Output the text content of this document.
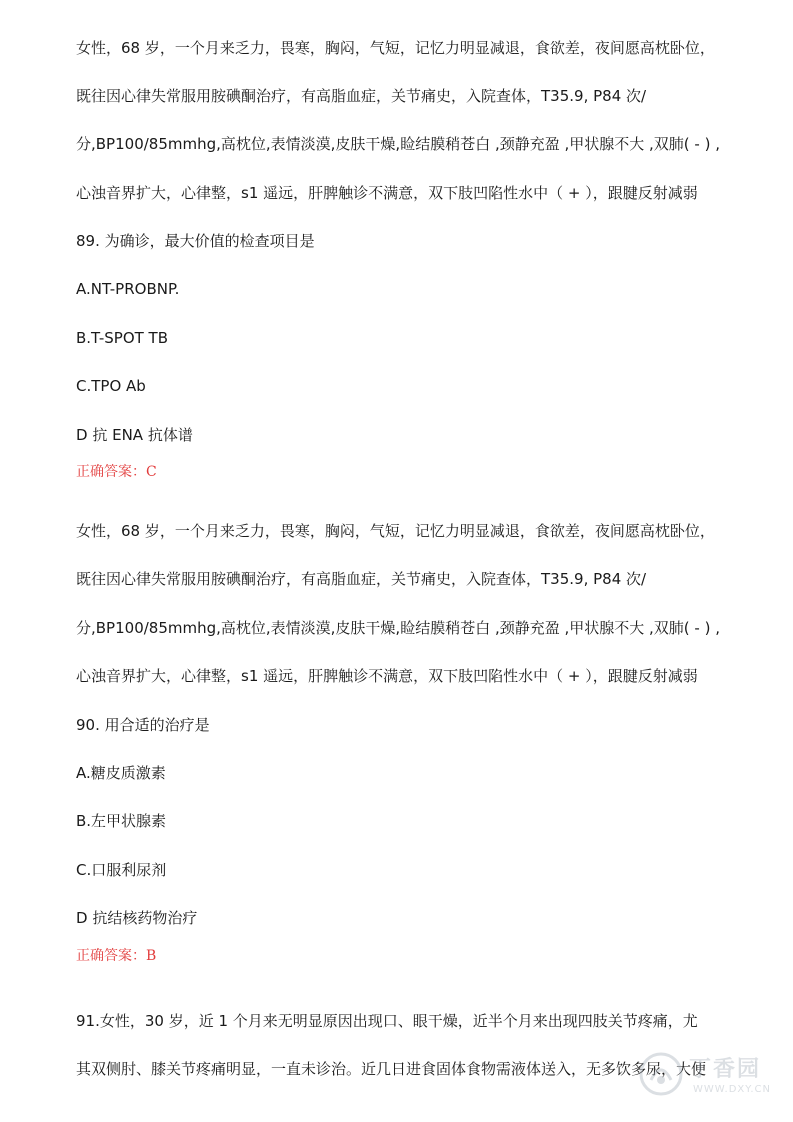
女性，68 岁，一个月来乏力，畏寒，胸闷，气短，记忆力明显减退，食欲差，夜间愿高枕卧位，
既往因心律失常服用胺碘酮治疗，有高脂血症，关节痛史，入院查体，T35.9, P84 次/
分,BP100/85mmhg,高枕位,表情淡漠,皮肤干燥,睑结膜稍苍白 ,颈静充盈 ,甲状腺不大 ,双肺( - ) ,
心浊音界扩大，心律整，s1 遥远，肝脾触诊不满意，双下肢凹陷性水中（ + ），跟腱反射减弱
89. 为确诊，最大价值的检查项目是
A.NT-PROBNP.
B.T-SPOT TB
C.TPO Ab
D 抗 ENA 抗体谱
正确答案：C
女性，68 岁，一个月来乏力，畏寒，胸闷，气短，记忆力明显减退，食欲差，夜间愿高枕卧位，
既往因心律失常服用胺碘酮治疗，有高脂血症，关节痛史，入院查体，T35.9, P84 次/
分,BP100/85mmhg,高枕位,表情淡漠,皮肤干燥,睑结膜稍苍白 ,颈静充盈 ,甲状腺不大 ,双肺( - ) ,
心浊音界扩大，心律整，s1 遥远，肝脾触诊不满意，双下肢凹陷性水中（ + ），跟腱反射减弱
90. 用合适的治疗是
A.糖皮质激素
B.左甲状腺素
C.口服利尿剂
D 抗结核药物治疗
正确答案：B
91.女性，30 岁，近 1 个月来无明显原因出现口、眼干燥，近半个月来出现四肢关节疼痛，尤
其双侧肘、膝关节疼痛明显，一直未诊治。近几日进食固体食物需液体送入，无多饮多尿，大便
丁香园
WWW.DXY.CN
